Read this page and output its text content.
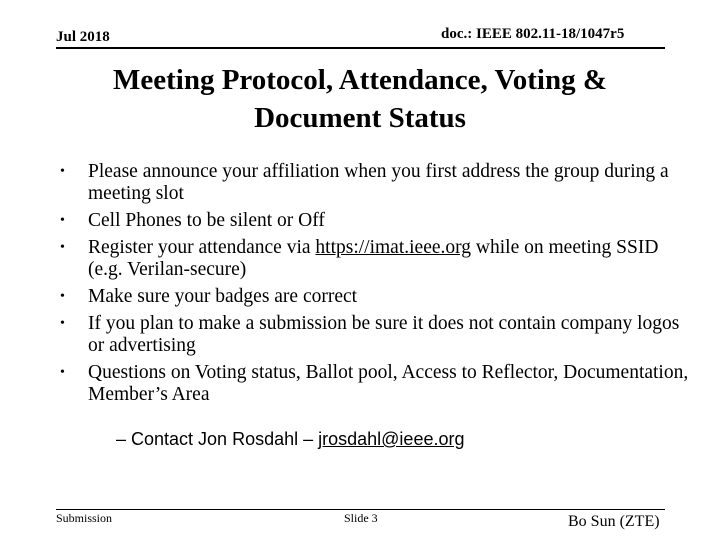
Jul 2018	doc.: IEEE 802.11-18/1047r5
Meeting Protocol, Attendance, Voting &
Document Status
• Please announce your affiliation when you first address the group during a meeting slot
• Cell Phones to be silent or Off
• Register your attendance via https://imat.ieee.org while on meeting SSID (e.g. Verilan-secure)
• Make sure your badges are correct
• If you plan to make a submission be sure it does not contain company logos or advertising
• Questions on Voting status, Ballot pool, Access to Reflector, Documentation, Member’s Area
– Contact Jon Rosdahl – jrosdahl@ieee.org
Submission	Slide 3	Bo Sun (ZTE)
